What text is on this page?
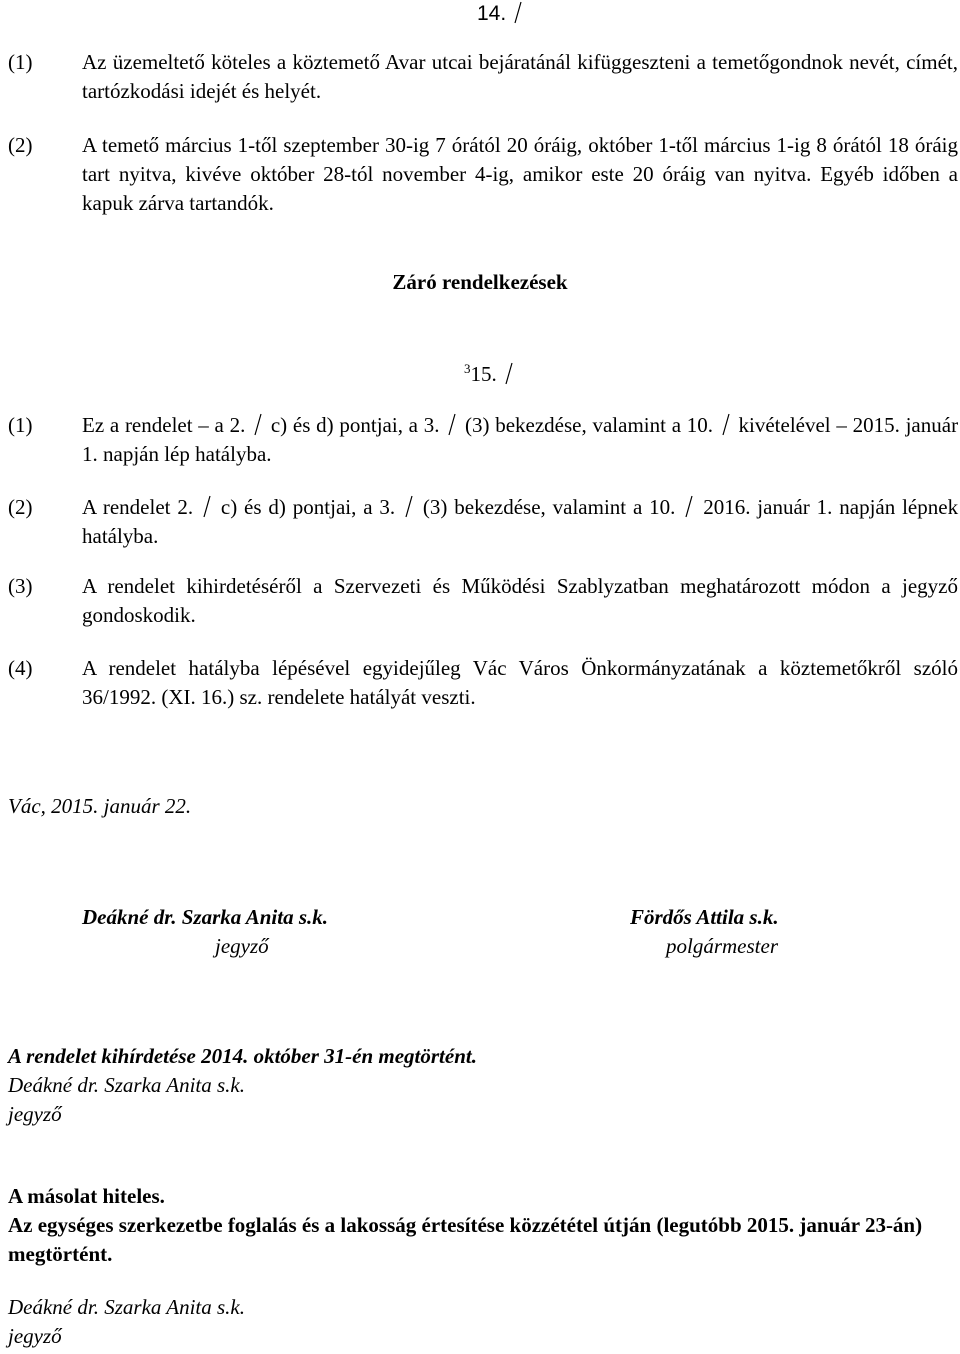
14.
(1) Az üzemeltető köteles a köztemető Avar utcai bejáratánál kifüggeszteni a temetőgondnok nevét, címét, tartózkodási idejét és helyét.
(2) A temető március 1-től szeptember 30-ig 7 órától 20 óráig, október 1-től március 1-ig 8 órától 18 óráig tart nyitva, kivéve október 28-tól november 4-ig, amikor este 20 óráig van nyitva. Egyéb időben a kapuk zárva tartandók.
Záró rendelkezések
$^3$15.
(1) Ez a rendelet – a 2. c) és d) pontjai, a 3. (3) bekezdése, valamint a 10. kivételével – 2015. január 1. napján lép hatályba.
(2) A rendelet 2. c) és d) pontjai, a 3. (3) bekezdése, valamint a 10. 2016. január 1. napján lépnek hatályba.
(3) A rendelet kihirdetéséről a Szervezeti és Működési Szablyzatban meghatározott módon a jegyző gondoskodik.
(4) A rendelet hatályba lépésével egyidejűleg Vác Város Önkormányzatának a köztemetőkről szóló 36/1992. (XI. 16.) sz. rendelete hatályát veszti.
Vác, 2015. január 22.
Deákné dr. Szarka Anita s.k.
jegyző
Fördős Attila s.k.
polgármester
A rendelet kihírdetése 2014. október 31-én megtörtént.
Deákné dr. Szarka Anita s.k.
jegyző
A másolat hiteles.
Az egységes szerkezetbe foglalás és a lakosság értesítése közzététel útján (legutóbb 2015. január 23-án) megtörtént.
Deákné dr. Szarka Anita s.k.
jegyző
